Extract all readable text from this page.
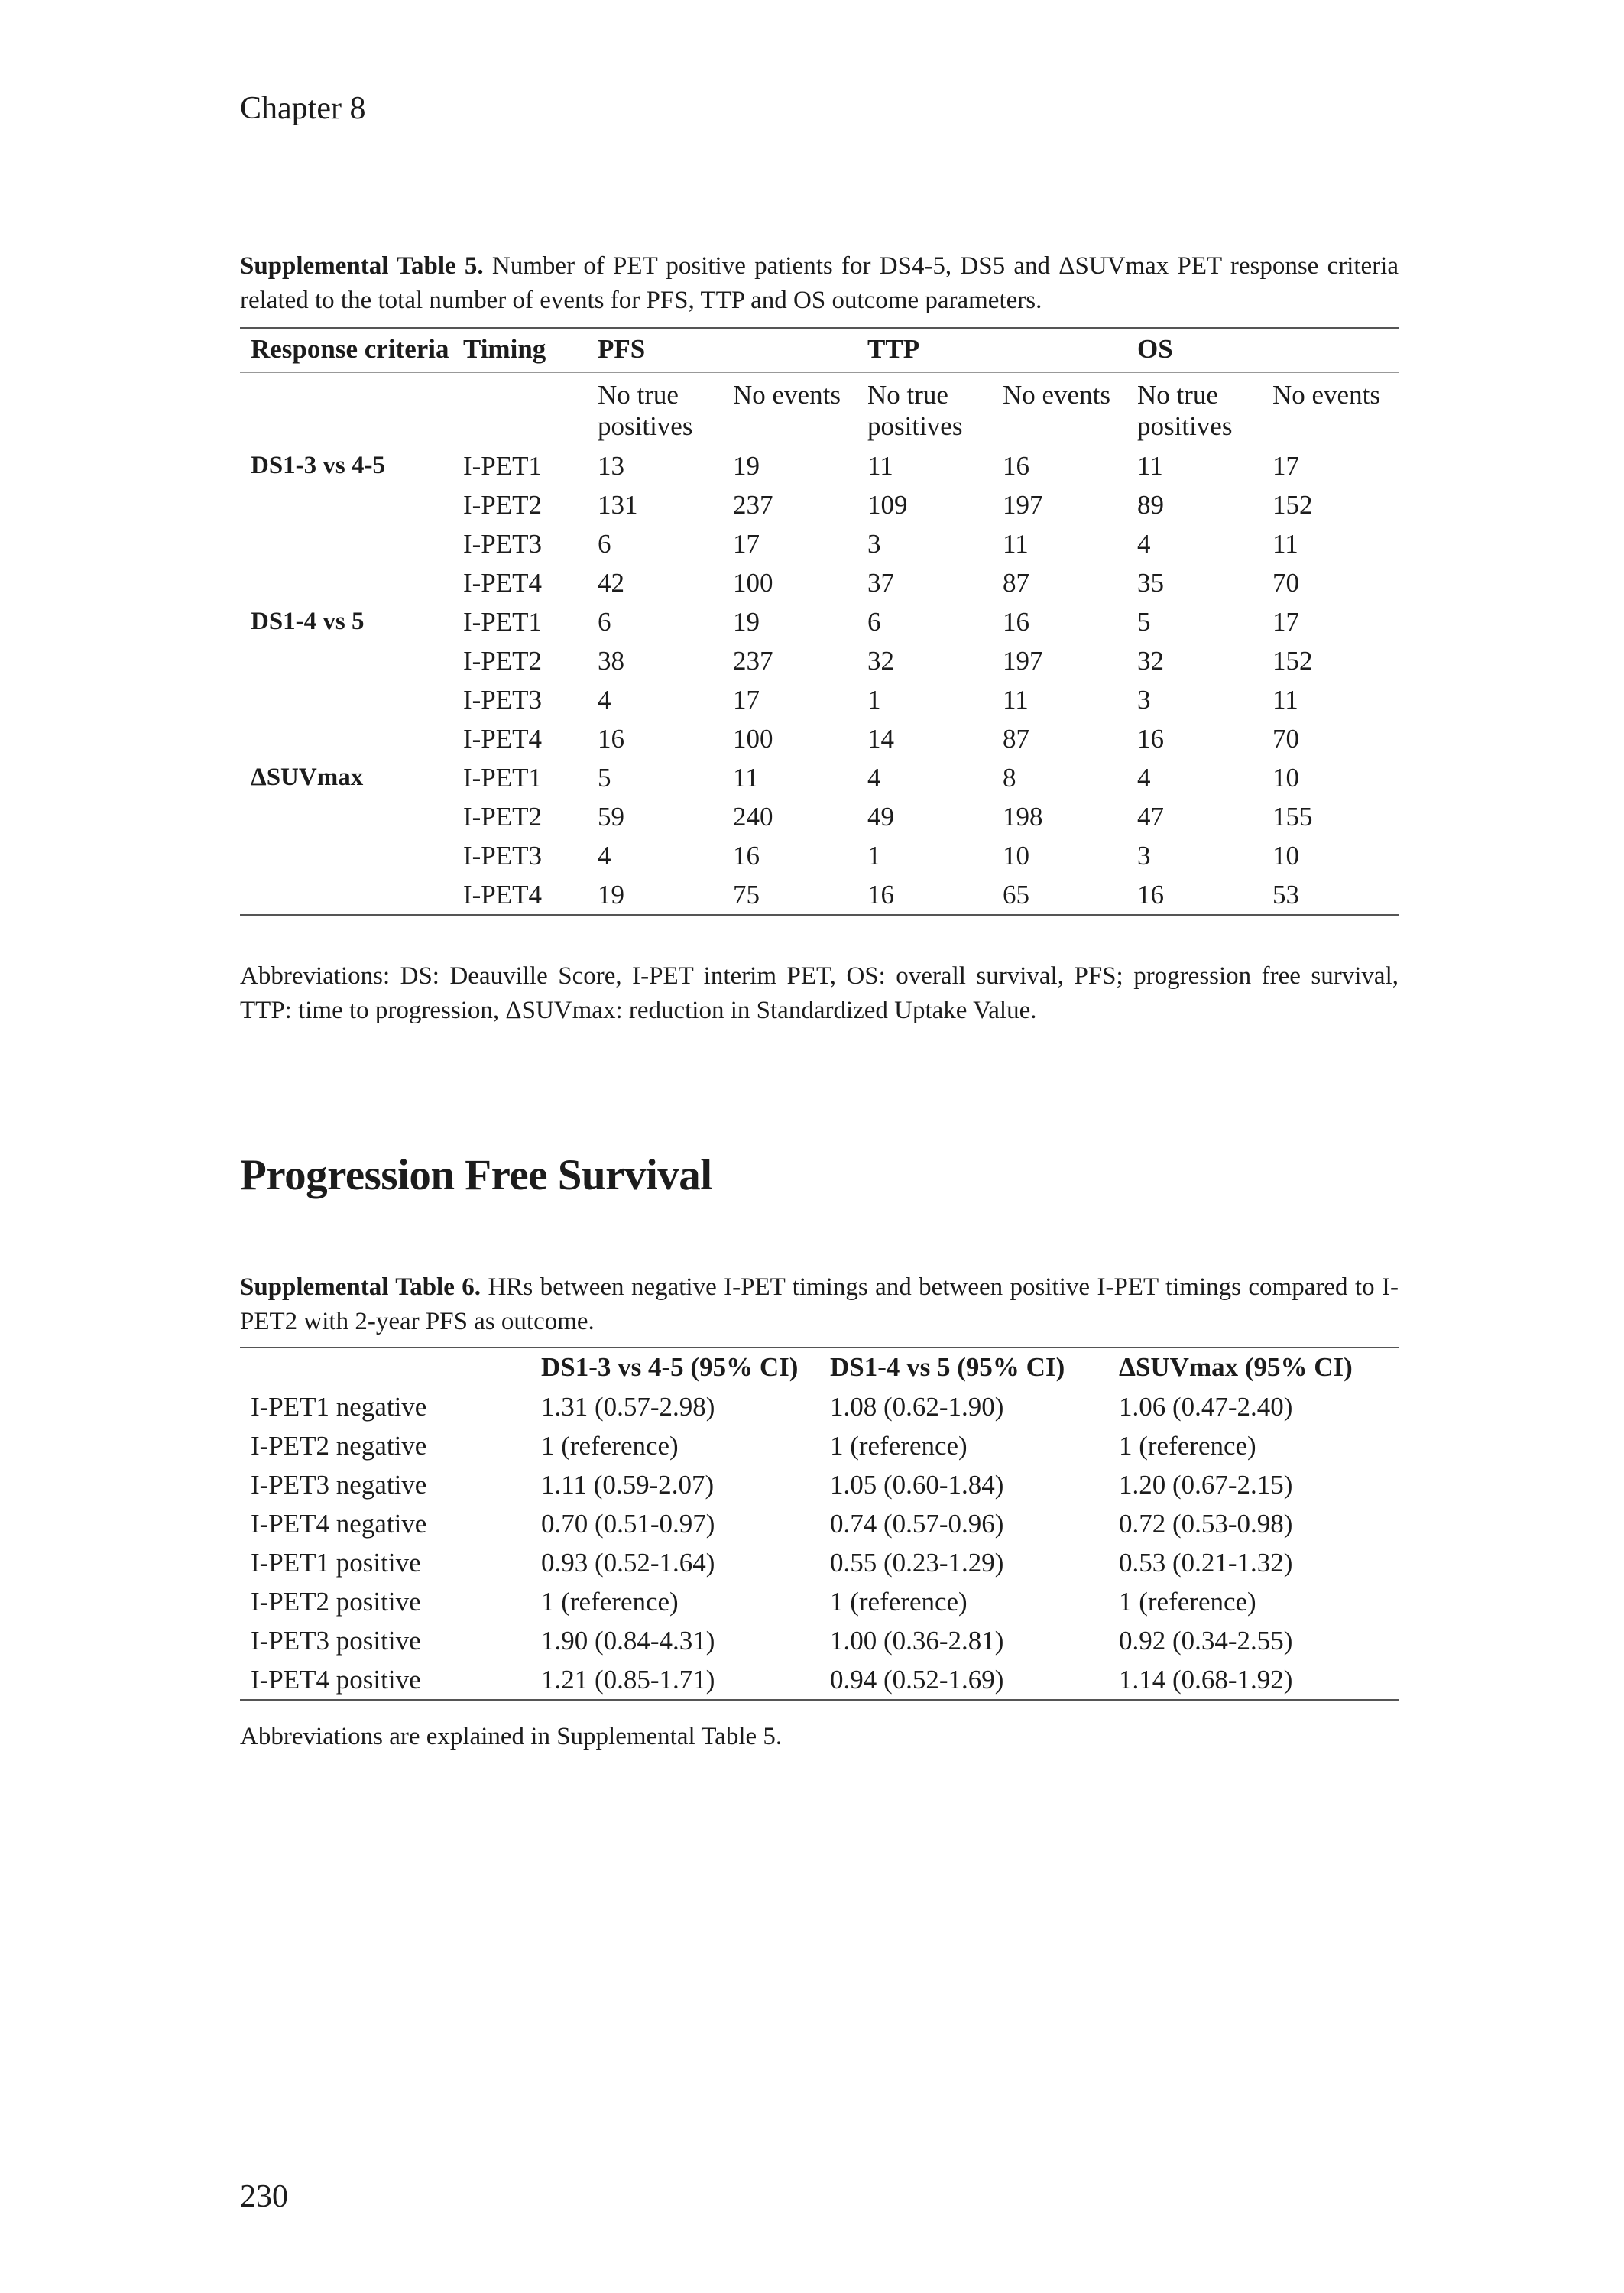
Chapter 8
Supplemental Table 5. Number of PET positive patients for DS4-5, DS5 and ΔSUVmax PET response criteria related to the total number of events for PFS, TTP and OS outcome parameters.
Response criteria	Timing	PFS		TTP		OS	
		No true positives	No events	No true positives	No events	No true positives	No events
DS1-3 vs 4-5	I-PET1	13	19	11	16	11	17
	I-PET2	131	237	109	197	89	152
	I-PET3	6	17	3	11	4	11
	I-PET4	42	100	37	87	35	70
DS1-4 vs 5	I-PET1	6	19	6	16	5	17
	I-PET2	38	237	32	197	32	152
	I-PET3	4	17	1	11	3	11
	I-PET4	16	100	14	87	16	70
ΔSUVmax	I-PET1	5	11	4	8	4	10
	I-PET2	59	240	49	198	47	155
	I-PET3	4	16	1	10	3	10
	I-PET4	19	75	16	65	16	53
Abbreviations: DS: Deauville Score, I-PET interim PET, OS: overall survival, PFS; progression free survival, TTP: time to progression, ΔSUVmax: reduction in Standardized Uptake Value.
Progression Free Survival
Supplemental Table 6. HRs between negative I-PET timings and between positive I-PET timings compared to I-PET2 with 2-year PFS as outcome.
	DS1-3 vs 4-5 (95% CI)	DS1-4 vs 5 (95% CI)	ΔSUVmax (95% CI)
I-PET1 negative	1.31 (0.57-2.98)	1.08 (0.62-1.90)	1.06 (0.47-2.40)
I-PET2 negative	1 (reference)	1 (reference)	1 (reference)
I-PET3 negative	1.11 (0.59-2.07)	1.05 (0.60-1.84)	1.20 (0.67-2.15)
I-PET4 negative	0.70 (0.51-0.97)	0.74 (0.57-0.96)	0.72 (0.53-0.98)
I-PET1 positive	0.93 (0.52-1.64)	0.55 (0.23-1.29)	0.53 (0.21-1.32)
I-PET2 positive	1 (reference)	1 (reference)	1 (reference)
I-PET3 positive	1.90 (0.84-4.31)	1.00 (0.36-2.81)	0.92 (0.34-2.55)
I-PET4 positive	1.21 (0.85-1.71)	0.94 (0.52-1.69)	1.14 (0.68-1.92)
Abbreviations are explained in Supplemental Table 5.
230
